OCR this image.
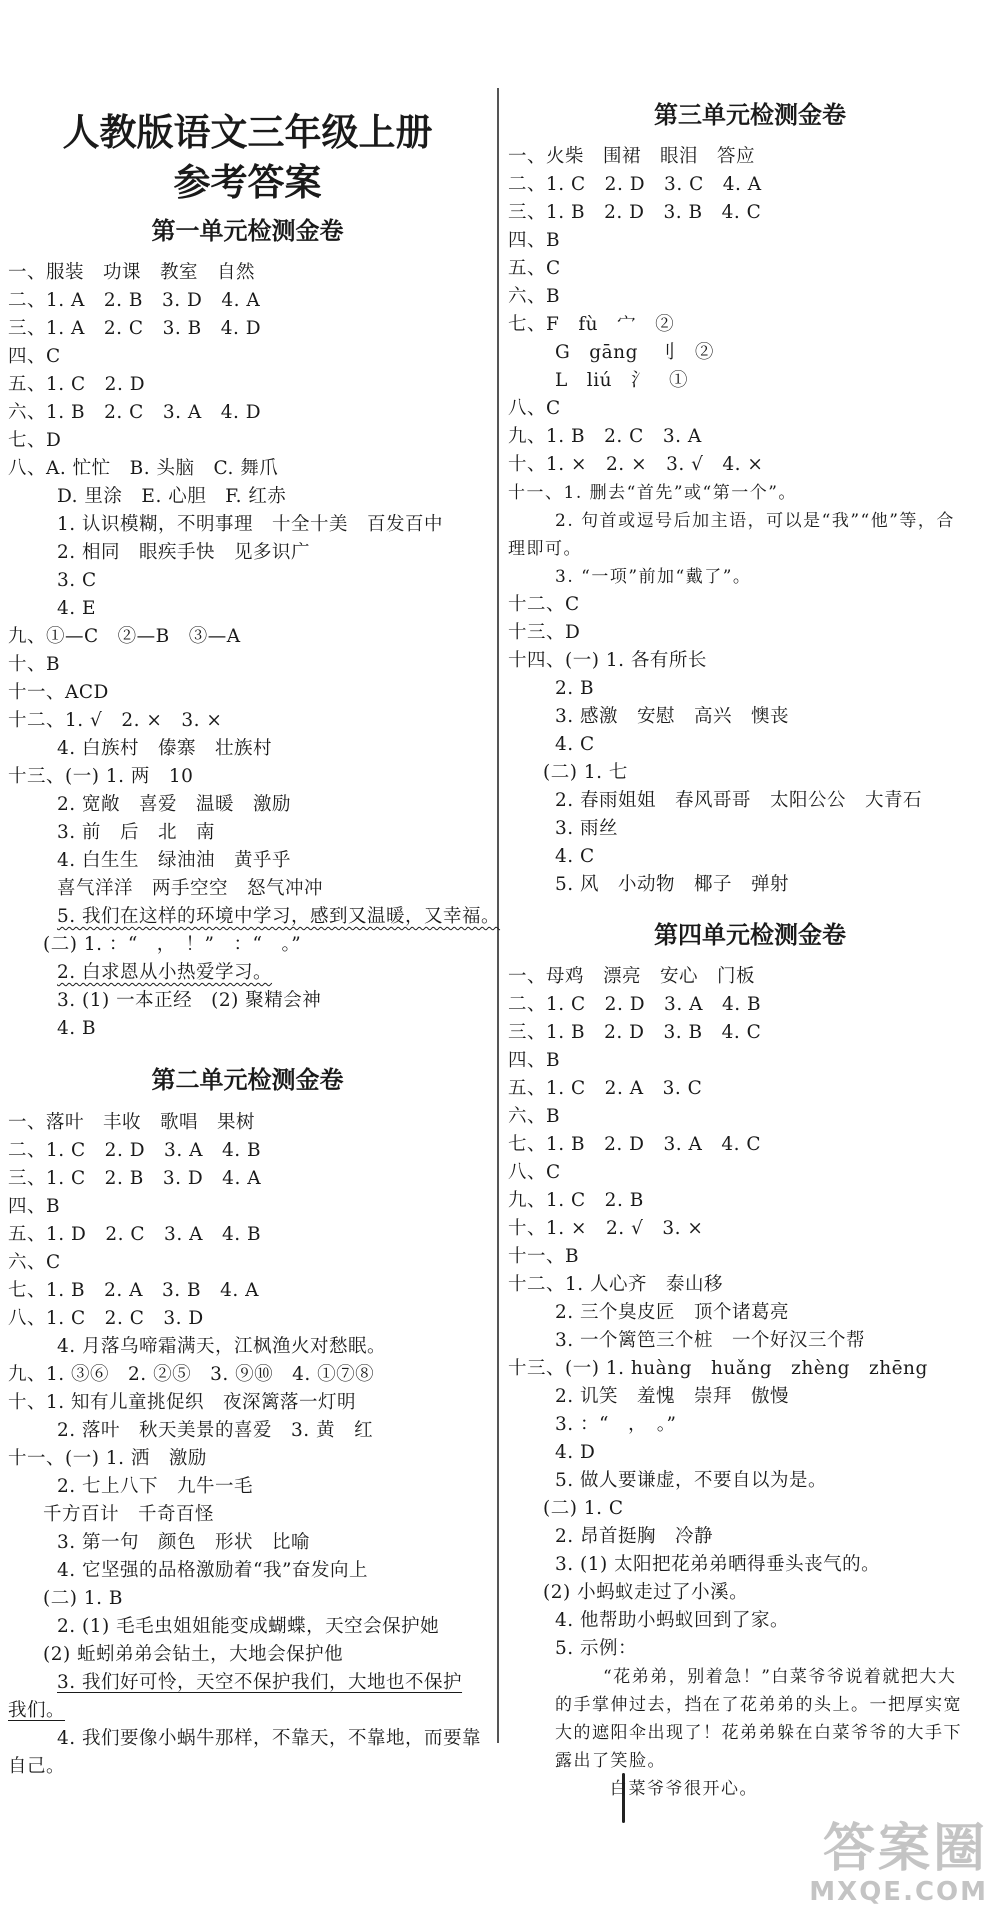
人教版语文三年级上册
参考答案
第一单元检测金卷
一、服装　功课　教室　自然
二、1. A　2. B　3. D　4. A
三、1. A　2. C　3. B　4. D
四、C
五、1. C　2. D
六、1. B　2. C　3. A　4. D
七、D
八、A. 忙忙　B. 头脑　C. 舞爪
D. 里涂　E. 心胆　F. 红赤
1. 认识模糊，不明事理　十全十美　百发百中
2. 相同　眼疾手快　见多识广
3. C
4. E
九、①—C　②—B　③—A
十、B
十一、ACD
十二、1. √　2. ×　3. ×
4. 白族村　傣寨　壮族村
十三、(一) 1. 两　10
2. 宽敞　喜爱　温暖　激励
3. 前　后　北　南
4. 白生生　绿油油　黄乎乎
喜气洋洋　两手空空　怒气冲冲
5. 我们在这样的环境中学习，感到又温暖，又幸福。
(二) 1. ：“　，　！”　：“　。”
2. 白求恩从小热爱学习。
3. (1) 一本正经　(2) 聚精会神
4. B
第二单元检测金卷
一、落叶　丰收　歌唱　果树
二、1. C　2. D　3. A　4. B
三、1. C　2. B　3. D　4. A
四、B
五、1. D　2. C　3. A　4. B
六、C
七、1. B　2. A　3. B　4. A
八、1. C　2. C　3. D
4. 月落乌啼霜满天，江枫渔火对愁眠。
九、1. ③⑥　2. ②⑤　3. ⑨⑩　4. ①⑦⑧
十、1. 知有儿童挑促织　夜深篱落一灯明
2. 落叶　秋天美景的喜爱　3. 黄　红
十一、(一) 1. 洒　激励
2. 七上八下　九牛一毛
千方百计　千奇百怪
3. 第一句　颜色　形状　比喻
4. 它坚强的品格激励着“我”奋发向上
(二) 1. B
2. (1) 毛毛虫姐姐能变成蝴蝶，天空会保护她
(2) 蚯蚓弟弟会钻土，大地会保护他
3. 我们好可怜，天空不保护我们，大地也不保护
我们。
4. 我们要像小蜗牛那样，不靠天，不靠地，而要靠
自己。
第三单元检测金卷
一、火柴　围裙　眼泪　答应
二、1. C　2. D　3. C　4. A
三、1. B　2. D　3. B　4. C
四、B
五、C
六、B
七、F　fù　宀　②
G　gāng　刂　②
L　liú　氵　①
八、C
九、1. B　2. C　3. A
十、1. ×　2. ×　3. √　4. ×
十一、1. 删去“首先”或“第一个”。
2. 句首或逗号后加主语，可以是“我”“他”等，合
理即可。
3. “一项”前加“戴了”。
十二、C
十三、D
十四、(一) 1. 各有所长
2. B
3. 感激　安慰　高兴　懊丧
4. C
(二) 1. 七
2. 春雨姐姐　春风哥哥　太阳公公　大青石
3. 雨丝
4. C
5. 风　小动物　椰子　弹射
第四单元检测金卷
一、母鸡　漂亮　安心　门板
二、1. C　2. D　3. A　4. B
三、1. B　2. D　3. B　4. C
四、B
五、1. C　2. A　3. C
六、B
七、1. B　2. D　3. A　4. C
八、C
九、1. C　2. B
十、1. ×　2. √　3. ×
十一、B
十二、1. 人心齐　泰山移
2. 三个臭皮匠　顶个诸葛亮
3. 一个篱笆三个桩　一个好汉三个帮
十三、(一) 1. huàng　huǎng　zhèng　zhēng
2. 讥笑　羞愧　崇拜　傲慢
3. ：“　，　。”
4. D
5. 做人要谦虚，不要自以为是。
(二) 1. C
2. 昂首挺胸　冷静
3. (1) 太阳把花弟弟晒得垂头丧气的。
(2) 小蚂蚁走过了小溪。
4. 他帮助小蚂蚁回到了家。
5. 示例：
“花弟弟，别着急！”白菜爷爷说着就把大大
的手掌伸过去，挡在了花弟弟的头上。一把厚实宽
大的遮阳伞出现了！花弟弟躲在白菜爷爷的大手下
露出了笑脸。
白菜爷爷很开心。
答案圈
MXQE.COM
